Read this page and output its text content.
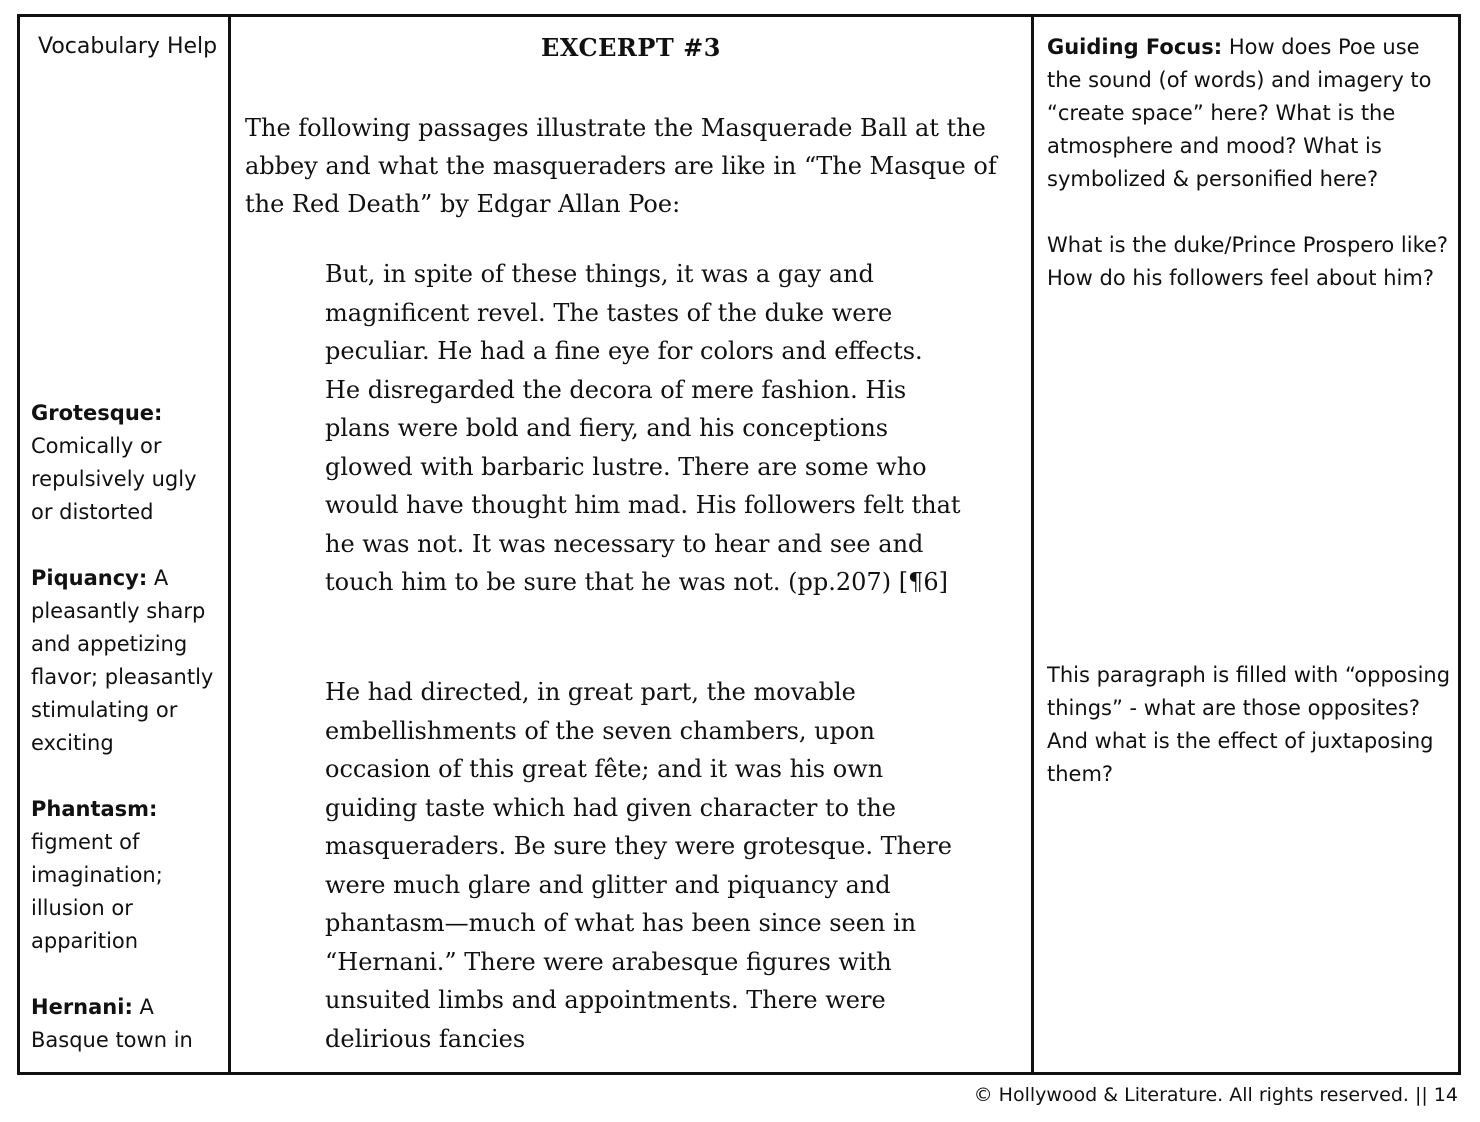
Vocabulary Help
Grotesque: Comically or repulsively ugly or distorted
Piquancy: A pleasantly sharp and appetizing flavor; pleasantly stimulating or exciting
Phantasm: figment of imagination; illusion or apparition
Hernani: A Basque town in
EXCERPT #3
The following passages illustrate the Masquerade Ball at the abbey and what the masqueraders are like in “The Masque of the Red Death” by Edgar Allan Poe:
But, in spite of these things, it was a gay and magnificent revel. The tastes of the duke were peculiar. He had a fine eye for colors and effects. He disregarded the decora of mere fashion. His plans were bold and fiery, and his conceptions glowed with barbaric lustre. There are some who would have thought him mad. His followers felt that he was not. It was necessary to hear and see and touch him to be sure that he was not. (pp.207) [¶6]
He had directed, in great part, the movable embellishments of the seven chambers, upon occasion of this great fête; and it was his own guiding taste which had given character to the masqueraders. Be sure they were grotesque. There were much glare and glitter and piquancy and phantasm—much of what has been since seen in “Hernani.” There were arabesque figures with unsuited limbs and appointments. There were delirious fancies
Guiding Focus: How does Poe use the sound (of words) and imagery to “create space” here? What is the atmosphere and mood? What is symbolized & personified here?
What is the duke/Prince Prospero like? How do his followers feel about him?
This paragraph is filled with “opposing things” - what are those opposites? And what is the effect of juxtaposing them?
© Hollywood & Literature. All rights reserved. || 14
